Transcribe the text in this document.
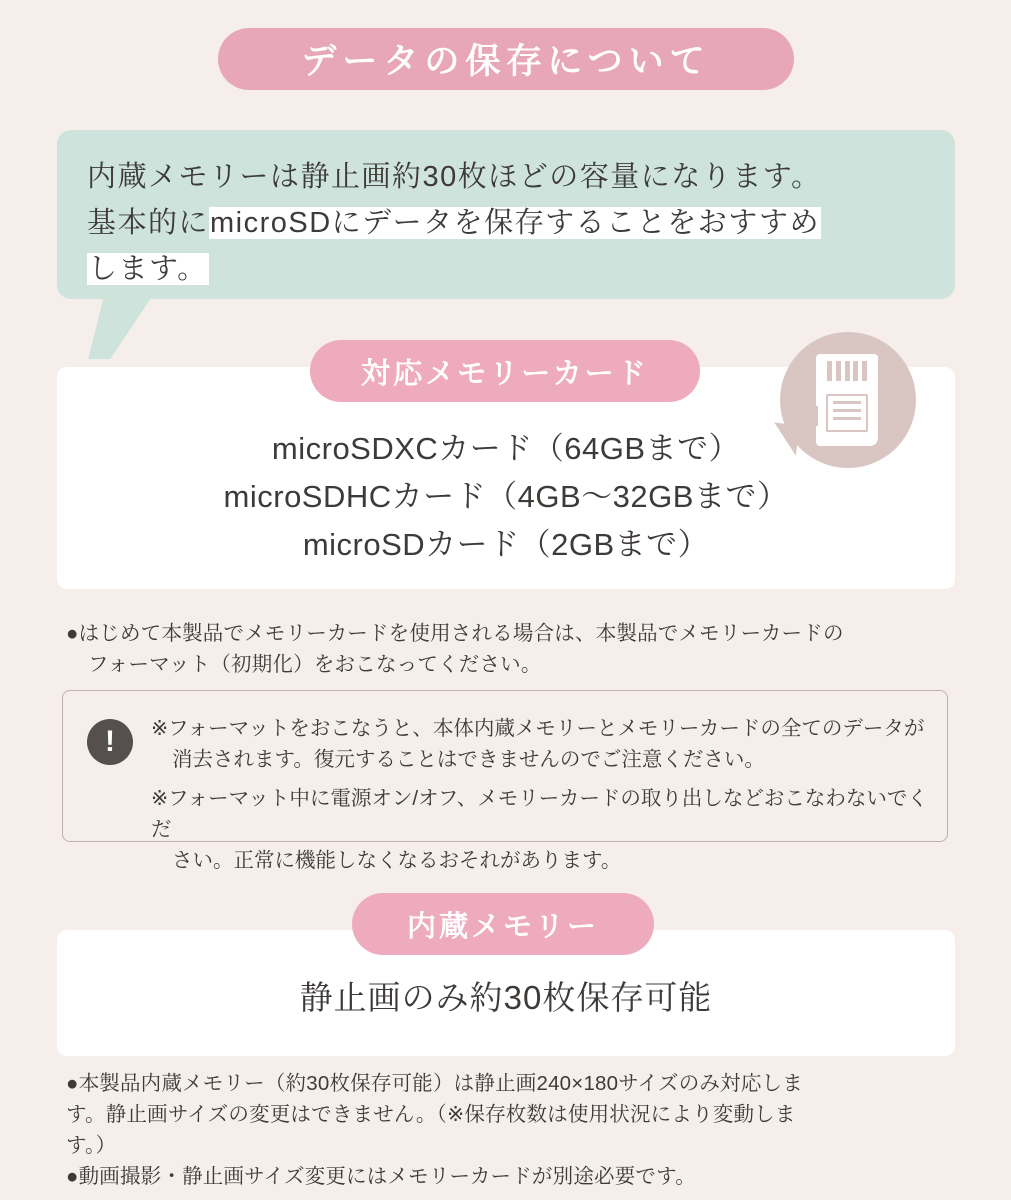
データの保存について
内蔵メモリーは静止画約30枚ほどの容量になります。
基本的にmicroSDにデータを保存することをおすすめ
します。
microSDXCカード（64GBまで）
microSDHCカード（4GB〜32GBまで）
microSDカード（2GBまで）
対応メモリーカード
●はじめて本製品でメモリーカードを使用される場合は、本製品でメモリーカードの
フォーマット（初期化）をおこなってください。
!	※フォーマットをおこなうと、本体内蔵メモリーとメモリーカードの全てのデータが
消去されます。復元することはできませんのでご注意ください。

※フォーマット中に電源オン/オフ、メモリーカードの取り出しなどおこなわないでくだ
さい。正常に機能しなくなるおそれがあります。

静止画のみ約30枚保存可能
内蔵メモリー
●本製品内蔵メモリー（約30枚保存可能）は静止画240×180サイズのみ対応しま
す。静止画サイズの変更はできません。（※保存枚数は使用状況により変動しま
す。）
●動画撮影・静止画サイズ変更にはメモリーカードが別途必要です。
